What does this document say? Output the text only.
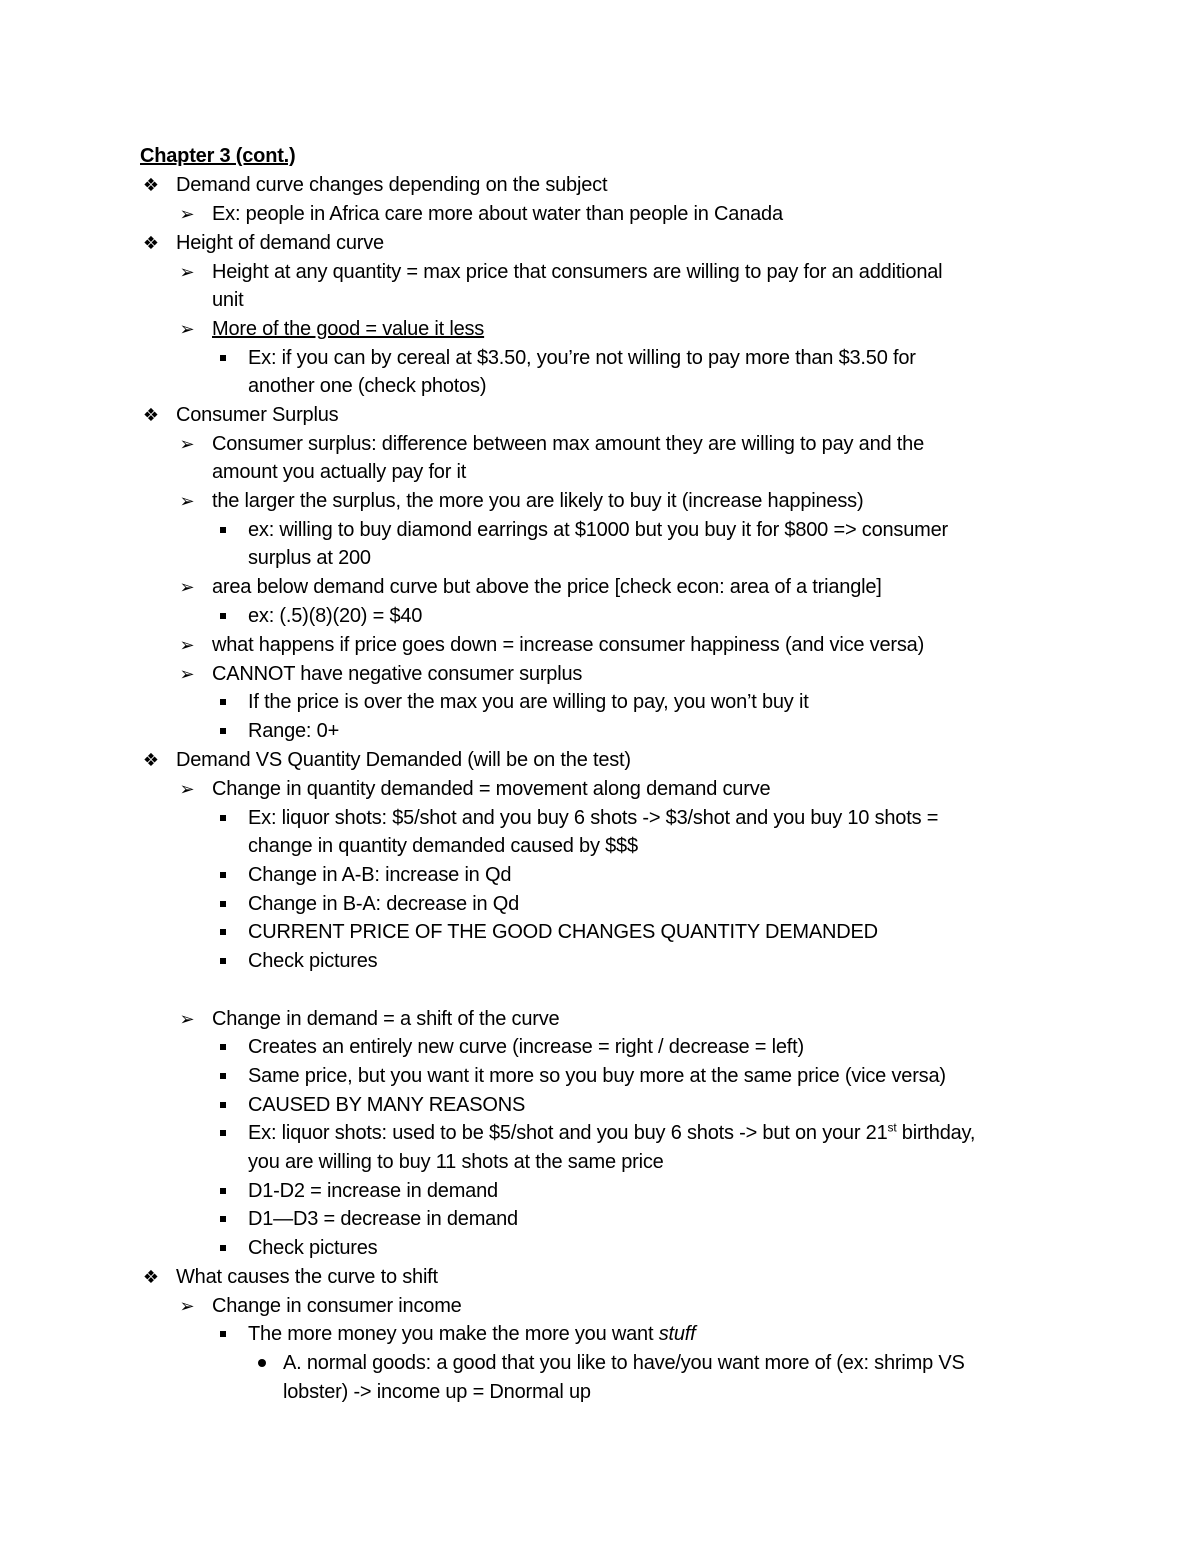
Chapter 3 (cont.)
❖ Demand curve changes depending on the subject
➢ Ex: people in Africa care more about water than people in Canada
❖ Height of demand curve
➢ Height at any quantity = max price that consumers are willing to pay for an additional
unit
➢ More of the good = value it less
Ex: if you can by cereal at $3.50, you’re not willing to pay more than $3.50 for
another one (check photos)
❖ Consumer Surplus
➢ Consumer surplus: difference between max amount they are willing to pay and the
amount you actually pay for it
➢ the larger the surplus, the more you are likely to buy it (increase happiness)
ex: willing to buy diamond earrings at $1000 but you buy it for $800 => consumer
surplus at 200
➢ area below demand curve but above the price [check econ: area of a triangle]
ex: (.5)(8)(20) = $40
➢ what happens if price goes down = increase consumer happiness (and vice versa)
➢ CANNOT have negative consumer surplus
If the price is over the max you are willing to pay, you won’t buy it
Range: 0+
❖ Demand VS Quantity Demanded (will be on the test)
➢ Change in quantity demanded = movement along demand curve
Ex: liquor shots: $5/shot and you buy 6 shots -> $3/shot and you buy 10 shots =
change in quantity demanded caused by $$$
Change in A-B: increase in Qd
Change in B-A: decrease in Qd
CURRENT PRICE OF THE GOOD CHANGES QUANTITY DEMANDED
Check pictures
➢ Change in demand = a shift of the curve
Creates an entirely new curve (increase = right / decrease = left)
Same price, but you want it more so you buy more at the same price (vice versa)
CAUSED BY MANY REASONS
Ex: liquor shots: used to be $5/shot and you buy 6 shots -> but on your 21st birthday,
you are willing to buy 11 shots at the same price
D1-D2 = increase in demand
D1—D3 = decrease in demand
Check pictures
❖ What causes the curve to shift
➢ Change in consumer income
The more money you make the more you want stuff
A. normal goods: a good that you like to have/you want more of (ex: shrimp VS
lobster) -> income up = Dnormal up
